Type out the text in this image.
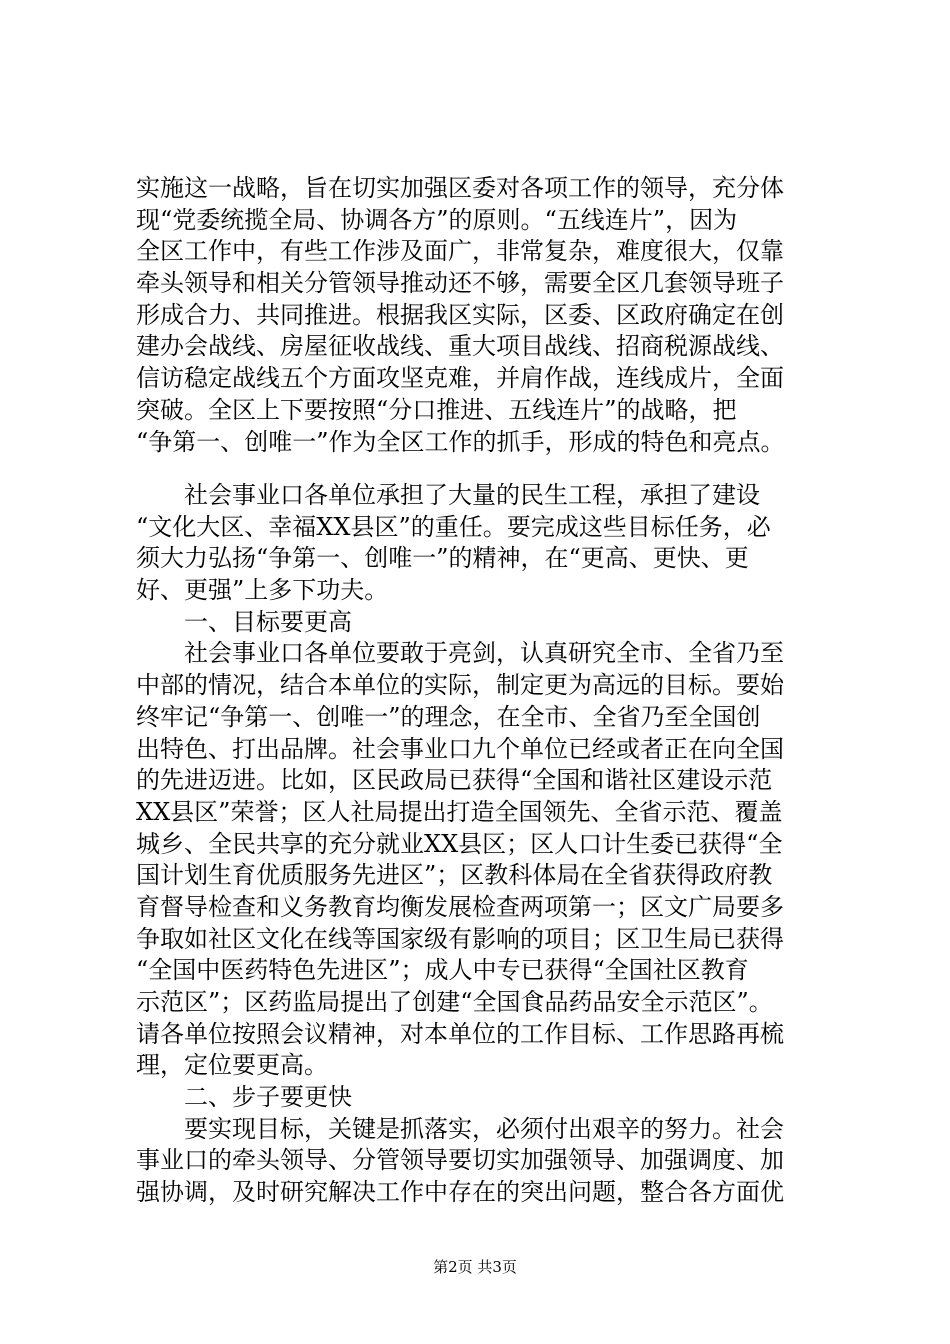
实施这一战略，旨在切实加强区委对各项工作的领导，充分体
现“党委统揽全局、协调各方”的原则。“五线连片”，因为
全区工作中，有些工作涉及面广，非常复杂，难度很大，仅靠
牵头领导和相关分管领导推动还不够，需要全区几套领导班子
形成合力、共同推进。根据我区实际，区委、区政府确定在创
建办会战线、房屋征收战线、重大项目战线、招商税源战线、
信访稳定战线五个方面攻坚克难，并肩作战，连线成片，全面
突破。全区上下要按照“分口推进、五线连片”的战略，把
“争第一、创唯一”作为全区工作的抓手，形成的特色和亮点。
　　社会事业口各单位承担了大量的民生工程，承担了建设
“文化大区、幸福XX县区”的重任。要完成这些目标任务，必
须大力弘扬“争第一、创唯一”的精神，在“更高、更快、更
好、更强”上多下功夫。
　　一、目标要更高
　　社会事业口各单位要敢于亮剑，认真研究全市、全省乃至
中部的情况，结合本单位的实际，制定更为高远的目标。要始
终牢记“争第一、创唯一”的理念，在全市、全省乃至全国创
出特色、打出品牌。社会事业口九个单位已经或者正在向全国
的先进迈进。比如，区民政局已获得“全国和谐社区建设示范
XX县区”荣誉；区人社局提出打造全国领先、全省示范、覆盖
城乡、全民共享的充分就业XX县区；区人口计生委已获得“全
国计划生育优质服务先进区”；区教科体局在全省获得政府教
育督导检查和义务教育均衡发展检查两项第一；区文广局要多
争取如社区文化在线等国家级有影响的项目；区卫生局已获得
“全国中医药特色先进区”；成人中专已获得“全国社区教育
示范区”；区药监局提出了创建“全国食品药品安全示范区”。
请各单位按照会议精神，对本单位的工作目标、工作思路再梳
理，定位要更高。
　　二、步子要更快
　　要实现目标，关键是抓落实，必须付出艰辛的努力。社会
事业口的牵头领导、分管领导要切实加强领导、加强调度、加
强协调，及时研究解决工作中存在的突出问题，整合各方面优
第2页 共3页
